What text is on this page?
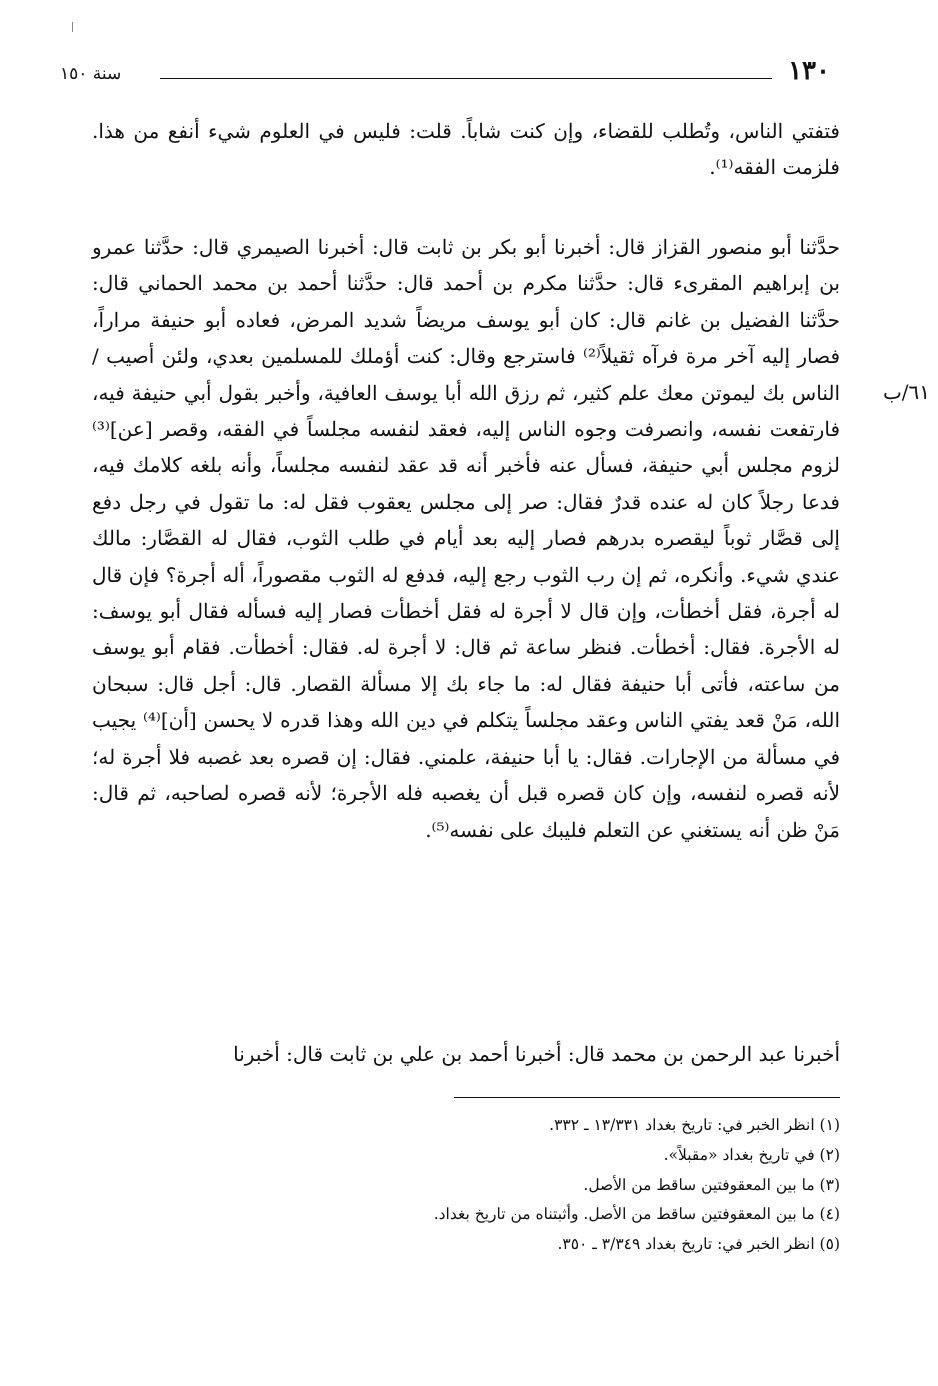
١٣٠
سنة ١٥٠
فتفتي الناس، وتُطلب للقضاء، وإن كنت شاباً. قلت: فليس في العلوم شيء أنفع من هذا. فلزمت الفقه⁽¹⁾.
حدَّثنا أبو منصور القزاز قال: أخبرنا أبو بكر بن ثابت قال: أخبرنا الصيمري قال: حدَّثنا عمرو بن إبراهيم المقرىء قال: حدَّثنا مكرم بن أحمد قال: حدَّثنا أحمد بن محمد الحماني قال: حدَّثنا الفضيل بن غانم قال: كان أبو يوسف مريضاً شديد المرض، فعاده أبو حنيفة مراراً، فصار إليه آخر مرة فرآه ثقيلاً⁽²⁾ فاسترجع وقال: كنت أؤملك للمسلمين بعدي، ولئن أصيب / الناس بك ليموتن معك علم كثير، ثم رزق الله أبا يوسف العافية، وأخبر بقول أبي حنيفة فيه، فارتفعت نفسه، وانصرفت وجوه الناس إليه، فعقد لنفسه مجلساً في الفقه، وقصر [عن]⁽³⁾ لزوم مجلس أبي حنيفة، فسأل عنه فأخبر أنه قد عقد لنفسه مجلساً، وأنه بلغه كلامك فيه، فدعا رجلاً كان له عنده قدرٌ فقال: صر إلى مجلس يعقوب فقل له: ما تقول في رجل دفع إلى قصَّار ثوباً ليقصره بدرهم فصار إليه بعد أيام في طلب الثوب، فقال له القصَّار: مالك عندي شيء. وأنكره، ثم إن رب الثوب رجع إليه، فدفع له الثوب مقصوراً، أله أجرة؟ فإن قال له أجرة، فقل أخطأت، وإن قال لا أجرة له فقل أخطأت فصار إليه فسأله فقال أبو يوسف: له الأجرة. فقال: أخطأت. فنظر ساعة ثم قال: لا أجرة له. فقال: أخطأت. فقام أبو يوسف من ساعته، فأتى أبا حنيفة فقال له: ما جاء بك إلا مسألة القصار. قال: أجل قال: سبحان الله، مَنْ قعد يفتي الناس وعقد مجلساً يتكلم في دين الله وهذا قدره لا يحسن [أن]⁽⁴⁾ يجيب في مسألة من الإجارات. فقال: يا أبا حنيفة، علمني. فقال: إن قصره بعد غصبه فلا أجرة له؛ لأنه قصره لنفسه، وإن كان قصره قبل أن يغصبه فله الأجرة؛ لأنه قصره لصاحبه، ثم قال: مَنْ ظن أنه يستغني عن التعلم فليبك على نفسه⁽⁵⁾.
أخبرنا عبد الرحمن بن محمد قال: أخبرنا أحمد بن علي بن ثابت قال: أخبرنا
٦١/ب
(١) انظر الخبر في: تاريخ بغداد ١٣/٣٣١ ـ ٣٣٢.
(٢) في تاريخ بغداد «مقبلاً».
(٣) ما بين المعقوفتين ساقط من الأصل.
(٤) ما بين المعقوفتين ساقط من الأصل. وأثبتناه من تاريخ بغداد.
(٥) انظر الخبر في: تاريخ بغداد ٣/٣٤٩ ـ ٣٥٠.
